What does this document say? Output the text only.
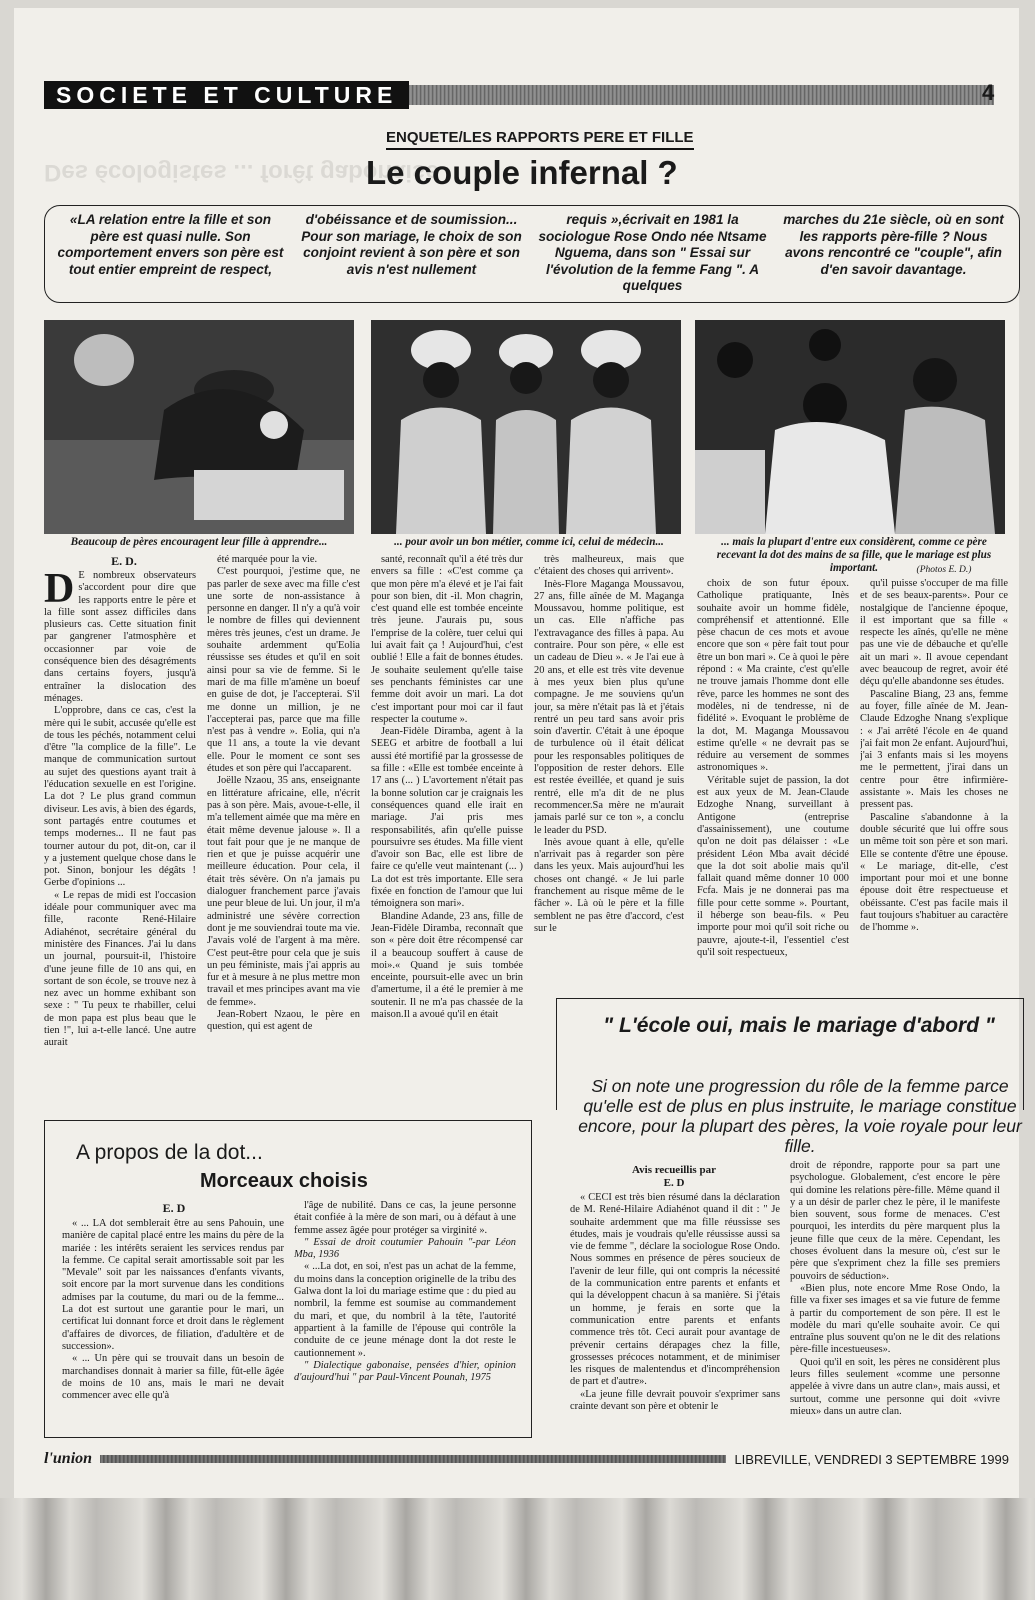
SOCIETE ET CULTURE	4
Des écologistes ... forêt gabonaise
ENQUETE/LES RAPPORTS PERE ET FILLE
Le couple infernal ?
«LA relation entre la fille et son père est quasi nulle. Son comportement envers son père est tout entier empreint de respect,
d'obéissance et de soumission... Pour son mariage, le choix de son conjoint revient à son père et son avis n'est nullement
requis »,écrivait en 1981 la sociologue Rose Ondo née Ntsame Nguema, dans son " Essai sur l'évolution de la femme Fang ". A quelques
marches du 21e siècle, où en sont les rapports père-fille ? Nous avons rencontré ce "couple", afin d'en savoir davantage.
Beaucoup de pères encouragent leur fille à apprendre...	... pour avoir un bon métier, comme ici, celui de médecin...	... mais la plupart d'entre eux considèrent, comme ce père recevant la dot des mains de sa fille, que le mariage est plus important.	(Photos E. D.)
E. D.
D E nombreux observateurs s'accordent pour dire que les rapports entre le père et la fille sont assez difficiles dans plusieurs cas. Cette situation finit par gangrener l'atmosphère et occasionner par voie de conséquence bien des désagréments dans certains foyers, jusqu'à entraîner la dislocation des ménages.

L'opprobre, dans ce cas, c'est la mère qui le subit, accusée qu'elle est de tous les péchés, notamment celui d'être "la complice de la fille". Le manque de communication surtout au sujet des questions ayant trait à l'éducation sexuelle en est l'origine. La dot ? Le plus grand commun diviseur. Les avis, à bien des égards, sont partagés entre coutumes et temps modernes... Il ne faut pas tourner autour du pot, dit-on, car il y a justement quelque chose dans le pot. Sinon, bonjour les dégâts ! Gerbe d'opinions ...

« Le repas de midi est l'occasion idéale pour communiquer avec ma fille, raconte René-Hilaire Adiahénot, secrétaire général du ministère des Finances. J'ai lu dans un journal, poursuit-il, l'histoire d'une jeune fille de 10 ans qui, en sortant de son école, se trouve nez à nez avec un homme exhibant son sexe : " Tu peux te rhabiller, celui de mon papa est plus beau que le tien !", lui a-t-elle lancé. Une autre aurait

été marquée pour la vie.

C'est pourquoi, j'estime que, ne pas parler de sexe avec ma fille c'est une sorte de non-assistance à personne en danger. Il n'y a qu'à voir le nombre de filles qui deviennent mères très jeunes, c'est un drame. Je souhaite ardemment qu'Eolia réussisse ses études et qu'il en soit ainsi pour sa vie de femme. Si le mari de ma fille m'amène un boeuf en guise de dot, je l'accepterai. S'il me donne un million, je ne l'accepterai pas, parce que ma fille n'est pas à vendre ». Eolia, qui n'a que 11 ans, a toute la vie devant elle. Pour le moment ce sont ses études et son père qui l'accaparent.

Joëlle Nzaou, 35 ans, enseignante en littérature africaine, elle, n'écrit pas à son père. Mais, avoue-t-elle, il m'a tellement aimée que ma mère en était même devenue jalouse ». Il a tout fait pour que je ne manque de rien et que je puisse acquérir une meilleure éducation. Pour cela, il était très sévère. On n'a jamais pu dialoguer franchement parce j'avais une peur bleue de lui. Un jour, il m'a administré une sévère correction dont je me souviendrai toute ma vie. J'avais volé de l'argent à ma mère. C'est peut-être pour cela que je suis un peu féministe, mais j'ai appris au fur et à mesure à ne plus mettre mon travail et mes principes avant ma vie de femme».

Jean-Robert Nzaou, le père en question, qui est agent de

santé, reconnaît qu'il a été très dur envers sa fille : «C'est comme ça que mon père m'a élevé et je l'ai fait pour son bien, dit -il. Mon chagrin, c'est quand elle est tombée enceinte très jeune. J'aurais pu, sous l'emprise de la colère, tuer celui qui lui avait fait ça ! Aujourd'hui, c'est oublié ! Elle a fait de bonnes études. Je souhaite seulement qu'elle taise ses penchants féministes car une femme doit avoir un mari. La dot c'est important pour moi car il faut respecter la coutume ».

Jean-Fidèle Diramba, agent à la SEEG et arbitre de football a lui aussi été mortifié par la grossesse de sa fille : «Elle est tombée enceinte à 17 ans (... ) L'avortement n'était pas la bonne solution car je craignais les conséquences quand elle irait en mariage. J'ai pris mes responsabilités, afin qu'elle puisse poursuivre ses études. Ma fille vient d'avoir son Bac, elle est libre de faire ce qu'elle veut maintenant (... ) La dot est très importante. Elle sera fixée en fonction de l'amour que lui témoignera son mari».

Blandine Adande, 23 ans, fille de Jean-Fidèle Diramba, reconnaît que son « père doit être récompensé car il a beaucoup souffert à cause de moi».« Quand je suis tombée enceinte, poursuit-elle avec un brin d'amertume, il a été le premier à me soutenir. Il ne m'a pas chassée de la maison.Il a avoué qu'il en était

très malheureux, mais que c'étaient des choses qui arrivent».

Inès-Flore Maganga Moussavou, 27 ans, fille aînée de M. Maganga Moussavou, homme politique, est un cas. Elle n'affiche pas l'extravagance des filles à papa. Au contraire. Pour son père, « elle est un cadeau de Dieu ». « Je l'ai eue à 20 ans, et elle est très vite devenue à mes yeux bien plus qu'une compagne. Je me souviens qu'un jour, sa mère n'était pas là et j'étais rentré un peu tard sans avoir pris soin d'avertir. C'était à une époque de turbulence où il était délicat pour les responsables politiques de l'opposition de rester dehors. Elle est restée éveillée, et quand je suis rentré, elle m'a dit de ne plus recommencer.Sa mère ne m'aurait jamais parlé sur ce ton », a conclu le leader du PSD.

Inès avoue quant à elle, qu'elle n'arrivait pas à regarder son père dans les yeux. Mais aujourd'hui les choses ont changé. « Je lui parle franchement au risque même de le fâcher ». Là où le père et la fille semblent ne pas être d'accord, c'est sur le

choix de son futur époux. Catholique pratiquante, Inès souhaite avoir un homme fidèle, compréhensif et attentionné. Elle pèse chacun de ces mots et avoue encore que son « père fait tout pour être un bon mari ». Ce à quoi le père répond : « Ma crainte, c'est qu'elle ne trouve jamais l'homme dont elle rêve, parce les hommes ne sont des modèles, ni de tendresse, ni de fidélité ». Evoquant le problème de la dot, M. Maganga Moussavou estime qu'elle « ne devrait pas se réduire au versement de sommes astronomiques ».

Véritable sujet de passion, la dot est aux yeux de M. Jean-Claude Edzoghe Nnang, surveillant à Antigone (entreprise d'assainissement), une coutume qu'on ne doit pas délaisser : «Le président Léon Mba avait décidé que la dot soit abolie mais qu'il fallait quand même donner 10 000 Fcfa. Mais je ne donnerai pas ma fille pour cette somme ». Pourtant, il héberge son beau-fils. « Peu importe pour moi qu'il soit riche ou pauvre, ajoute-t-il, l'essentiel c'est qu'il soit respectueux,

qu'il puisse s'occuper de ma fille et de ses beaux-parents». Pour ce nostalgique de l'ancienne époque, il est important que sa fille « respecte les aînés, qu'elle ne mène pas une vie de débauche et qu'elle ait un mari ». Il avoue cependant avec beaucoup de regret, avoir été déçu qu'elle abandonne ses études.

Pascaline Biang, 23 ans, femme au foyer, fille aînée de M. Jean-Claude Edzoghe Nnang s'explique : « J'ai arrêté l'école en 4e quand j'ai fait mon 2e enfant. Aujourd'hui, j'ai 3 enfants mais si les moyens me le permettent, j'irai dans un centre pour être infirmière-assistante ». Mais les choses ne pressent pas.

Pascaline s'abandonne à la double sécurité que lui offre sous un même toit son père et son mari. Elle se contente d'être une épouse. « Le mariage, dit-elle, c'est important pour moi et une bonne épouse doit être respectueuse et obéissante. C'est pas facile mais il faut toujours s'habituer au caractère de l'homme ».

A propos de la dot...
Morceaux choisis
E. D

« ... LA dot semblerait être au sens Pahouin, une manière de capital placé entre les mains du père de la mariée : les intérêts seraient les services rendus par la femme. Ce capital serait amortissable soit par les "Mevale" soit par les naissances d'enfants vivants, soit encore par la mort survenue dans les conditions admises par la coutume, du mari ou de la femme... La dot est surtout une garantie pour le mari, un certificat lui donnant force et droit dans le règlement d'affaires de divorces, de filiation, d'adultère et de succession».

« ... Un père qui se trouvait dans un besoin de marchandises donnait à marier sa fille, fût-elle âgée de moins de 10 ans, mais le mari ne devait commencer avec elle qu'à

l'âge de nubilité. Dans ce cas, la jeune personne était confiée à la mère de son mari, ou à défaut à une femme assez âgée pour protéger sa virginité ».

" Essai de droit coutumier Pahouin "-par Léon Mba, 1936

« ...La dot, en soi, n'est pas un achat de la femme, du moins dans la conception originelle de la tribu des Galwa dont la loi du mariage estime que : du pied au nombril, la femme est soumise au commandement du mari, et que, du nombril à la tête, l'autorité appartient à la famille de l'épouse qui contrôle la conduite de ce jeune ménage dont la dot reste le cautionnement ».

" Dialectique gabonaise, pensées d'hier, opinion d'aujourd'hui " par Paul-Vincent Pounah, 1975

" L'école oui, mais le mariage d'abord "
Si on note une progression du rôle de la femme parce qu'elle est de plus en plus instruite, le mariage constitue encore, pour la plupart des pères, la voie royale pour leur fille.
Avis recueillis par
E. D

« CECI est très bien résumé dans la déclaration de M. René-Hilaire Adiahénot quand il dit : " Je souhaite ardemment que ma fille réussisse ses études, mais je voudrais qu'elle réussisse aussi sa vie de femme ", déclare la sociologue Rose Ondo. Nous sommes en présence de pères soucieux de l'avenir de leur fille, qui ont compris la nécessité de la communication entre parents et enfants et qui la développent chacun à sa manière. Si j'étais un homme, je ferais en sorte que la communication entre parents et enfants commence très tôt. Ceci aurait pour avantage de prévenir certains dérapages chez la fille, grossesses précoces notamment, et de minimiser les risques de malentendus et d'incompréhension de part et d'autre».

«La jeune fille devrait pouvoir s'exprimer sans crainte devant son père et obtenir le

droit de répondre, rapporte pour sa part une psychologue. Globalement, c'est encore le père qui domine les relations père-fille. Même quand il y a un désir de parler chez le père, il le manifeste bien souvent, sous forme de menaces. C'est pourquoi, les interdits du père marquent plus la jeune fille que ceux de la mère. Cependant, les choses évoluent dans la mesure où, c'est sur le père que s'expriment chez la fille ses premiers pouvoirs de séduction».

«Bien plus, note encore Mme Rose Ondo, la fille va fixer ses images et sa vie future de femme à partir du comportement de son père. Il est le modèle du mari qu'elle souhaite avoir. Ce qui entraîne plus souvent qu'on ne le dit des relations père-fille incestueuses».

Quoi qu'il en soit, les pères ne considèrent plus leurs filles seulement «comme une personne appelée à vivre dans un autre clan», mais aussi, et surtout, comme une personne qui doit «vivre mieux» dans un autre clan.

l'union	LIBREVILLE, VENDREDI 3 SEPTEMBRE 1999
